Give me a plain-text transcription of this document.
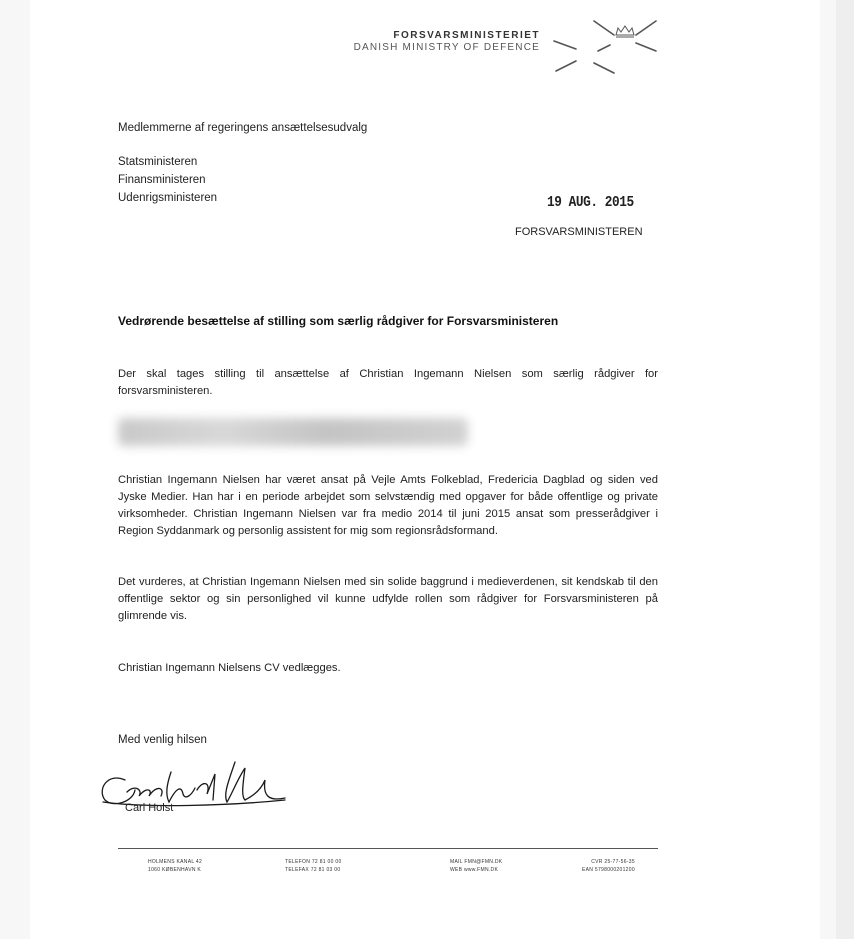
FORSVARSMINISTERIET
DANISH MINISTRY OF DEFENCE
Medlemmerne af regeringens ansættelsesudvalg
Statsministeren
Finansministeren
Udenrigsministeren	19 AUG. 2015
FORSVARSMINISTEREN
Vedrørende besættelse af stilling som særlig rådgiver for Forsvarsministeren
Der skal tages stilling til ansættelse af Christian Ingemann Nielsen som særlig rådgiver for forsvarsministeren.
Christian Ingemann Nielsen har været ansat på Vejle Amts Folkeblad, Fredericia Dagblad og siden ved Jyske Medier. Han har i en periode arbejdet som selvstændig med opgaver for både offentlige og private virksomheder. Christian Ingemann Nielsen var fra medio 2014 til juni 2015 ansat som presserådgiver i Region Syddanmark og personlig assistent for mig som regionsrådsformand.
Det vurderes, at Christian Ingemann Nielsen med sin solide baggrund i medieverdenen, sit kendskab til den offentlige sektor og sin personlighed vil kunne udfylde rollen som rådgiver for Forsvarsministeren på glimrende vis.
Christian Ingemann Nielsens CV vedlægges.
Med venlig hilsen
Carl Holst
HOLMENS KANAL 42
1060 KØBENHAVN K
TELEFON 72 81 00 00
TELEFAX 72 81 03 00
MAIL FMN@FMN.DK
WEB www.FMN.DK
CVR 25-77-56-35
EAN 5798000201200
